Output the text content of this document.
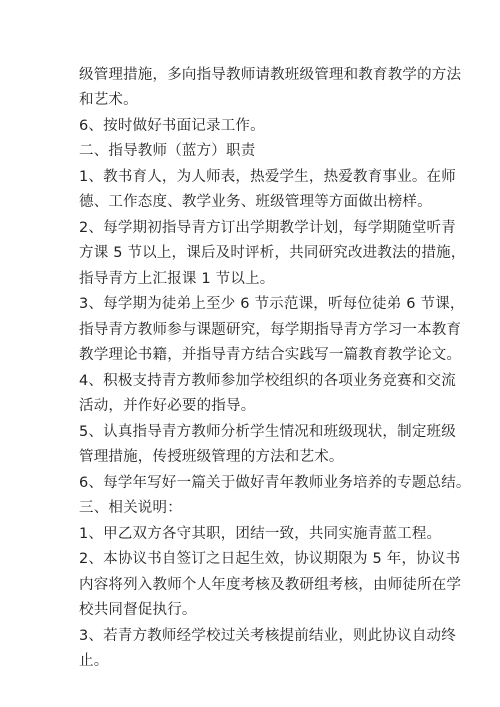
级管理措施，多向指导教师请教班级管理和教育教学的方法
和艺术。
6、按时做好书面记录工作。
二、指导教师（蓝方）职责
1、教书育人，为人师表，热爱学生，热爱教育事业。在师
德、工作态度、教学业务、班级管理等方面做出榜样。
2、每学期初指导青方订出学期教学计划，每学期随堂听青
方课 5 节以上，课后及时评析，共同研究改进教法的措施，
指导青方上汇报课 1 节以上。
3、每学期为徒弟上至少 6 节示范课，听每位徒弟 6 节课，
指导青方教师参与课题研究，每学期指导青方学习一本教育
教学理论书籍，并指导青方结合实践写一篇教育教学论文。
4、积极支持青方教师参加学校组织的各项业务竞赛和交流
活动，并作好必要的指导。
5、认真指导青方教师分析学生情况和班级现状，制定班级
管理措施，传授班级管理的方法和艺术。
6、每学年写好一篇关于做好青年教师业务培养的专题总结。
三、相关说明：
1、甲乙双方各守其职，团结一致，共同实施青蓝工程。
2、本协议书自签订之日起生效，协议期限为 5 年，协议书
内容将列入教师个人年度考核及教研组考核，由师徒所在学
校共同督促执行。
3、若青方教师经学校过关考核提前结业，则此协议自动终
止。
